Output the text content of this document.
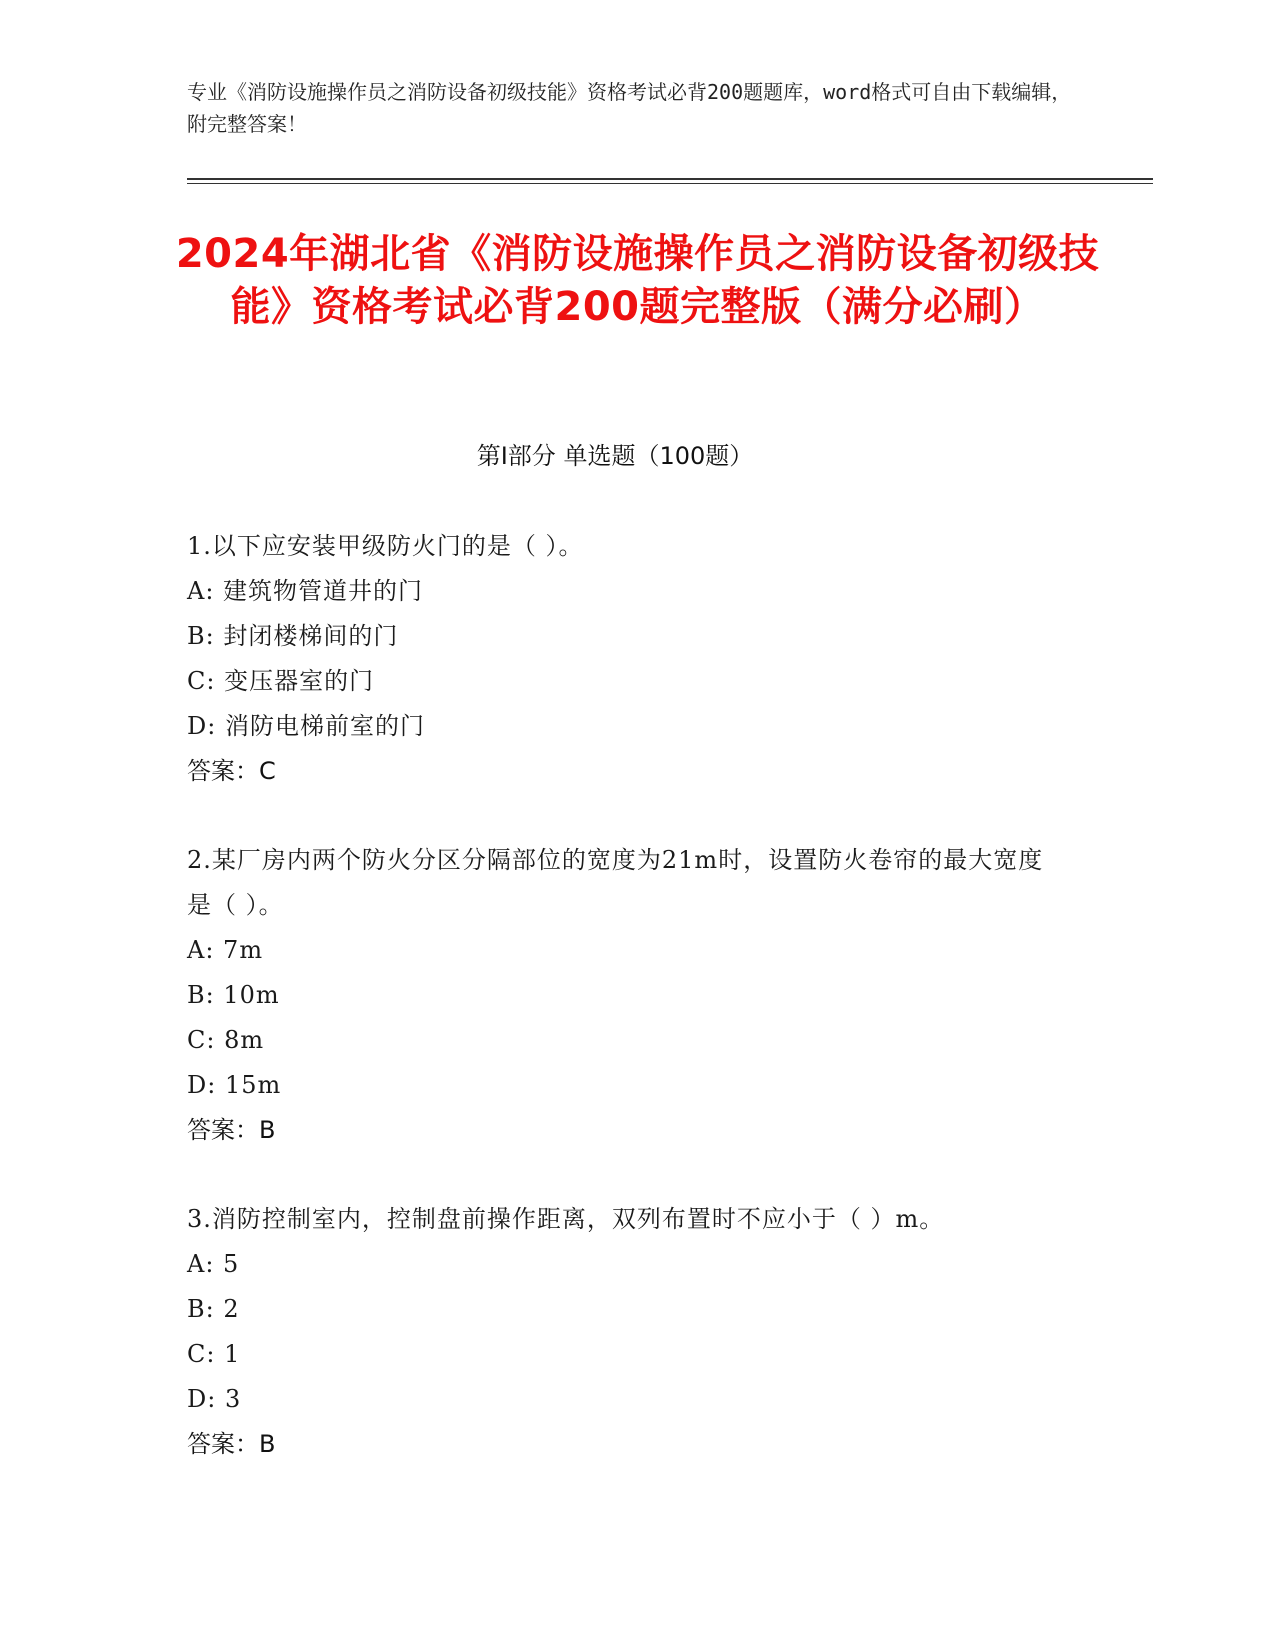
专业《消防设施操作员之消防设备初级技能》资格考试必背200题题库，word格式可自由下载编辑，附完整答案！
2024年湖北省《消防设施操作员之消防设备初级技能》资格考试必背200题完整版（满分必刷）
第Ⅰ部分 单选题（100题）
1.以下应安装甲级防火门的是（ ）。
A: 建筑物管道井的门
B: 封闭楼梯间的门
C: 变压器室的门
D: 消防电梯前室的门
答案：C
2.某厂房内两个防火分区分隔部位的宽度为21m时，设置防火卷帘的最大宽度是（ ）。
A: 7m
B: 10m
C: 8m
D: 15m
答案：B
3.消防控制室内，控制盘前操作距离，双列布置时不应小于（ ）m。
A: 5
B: 2
C: 1
D: 3
答案：B
